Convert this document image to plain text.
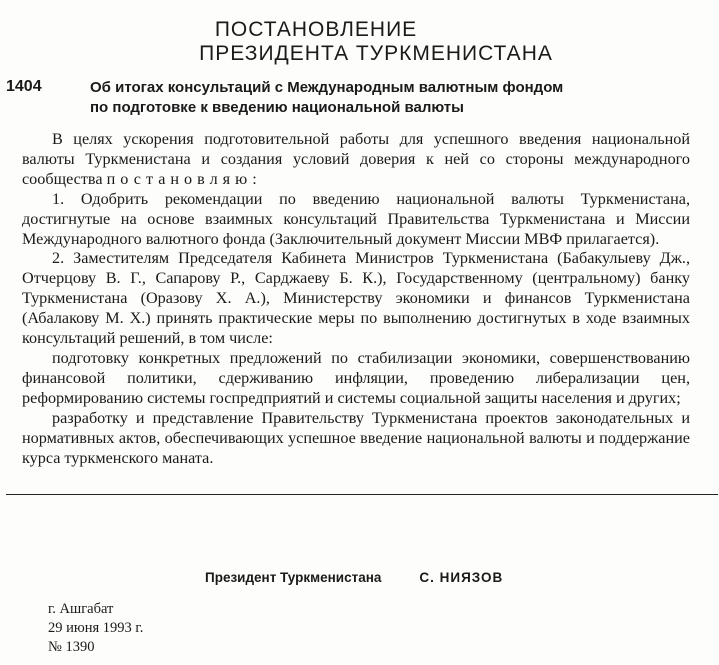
ПОСТАНОВЛЕНИЕ
ПРЕЗИДЕНТА ТУРКМЕНИСТАНА
1404	Об итогах консультаций с Международным валютным фондом
по подготовке к введению национальной валюты

В целях ускорения подготовительной работы для успешного введения национальной валюты Туркменистана и создания условий доверия к ней со стороны международного сообщества постановляю:

1. Одобрить рекомендации по введению национальной валюты Туркменистана, достигнутые на основе взаимных консультаций Правительства Туркменистана и Миссии Международного валютного фонда (Заключительный документ Миссии МВФ прилагается).

2. Заместителям Председателя Кабинета Министров Туркменистана (Бабакулыеву Дж., Отчерцову В. Г., Сапарову Р., Сарджаеву Б. К.), Государственному (центральному) банку Туркменистана (Оразову Х. А.), Министерству экономики и финансов Туркменистана (Абалакову М. Х.) принять практические меры по выполнению достигнутых в ходе взаимных консультаций решений, в том числе:

подготовку конкретных предложений по стабилизации экономики, совершенствованию финансовой политики, сдерживанию инфляции, проведению либерализации цен, реформированию системы госпредприятий и системы социальной защиты населения и других;

разработку и представление Правительству Туркменистана проектов законодательных и нормативных актов, обеспечивающих успешное введение национальной валюты и поддержание курса туркменского маната.

Президент Туркменистана	С. НИЯЗОВ
г. Ашгабат
29 июня 1993 г.
№ 1390
